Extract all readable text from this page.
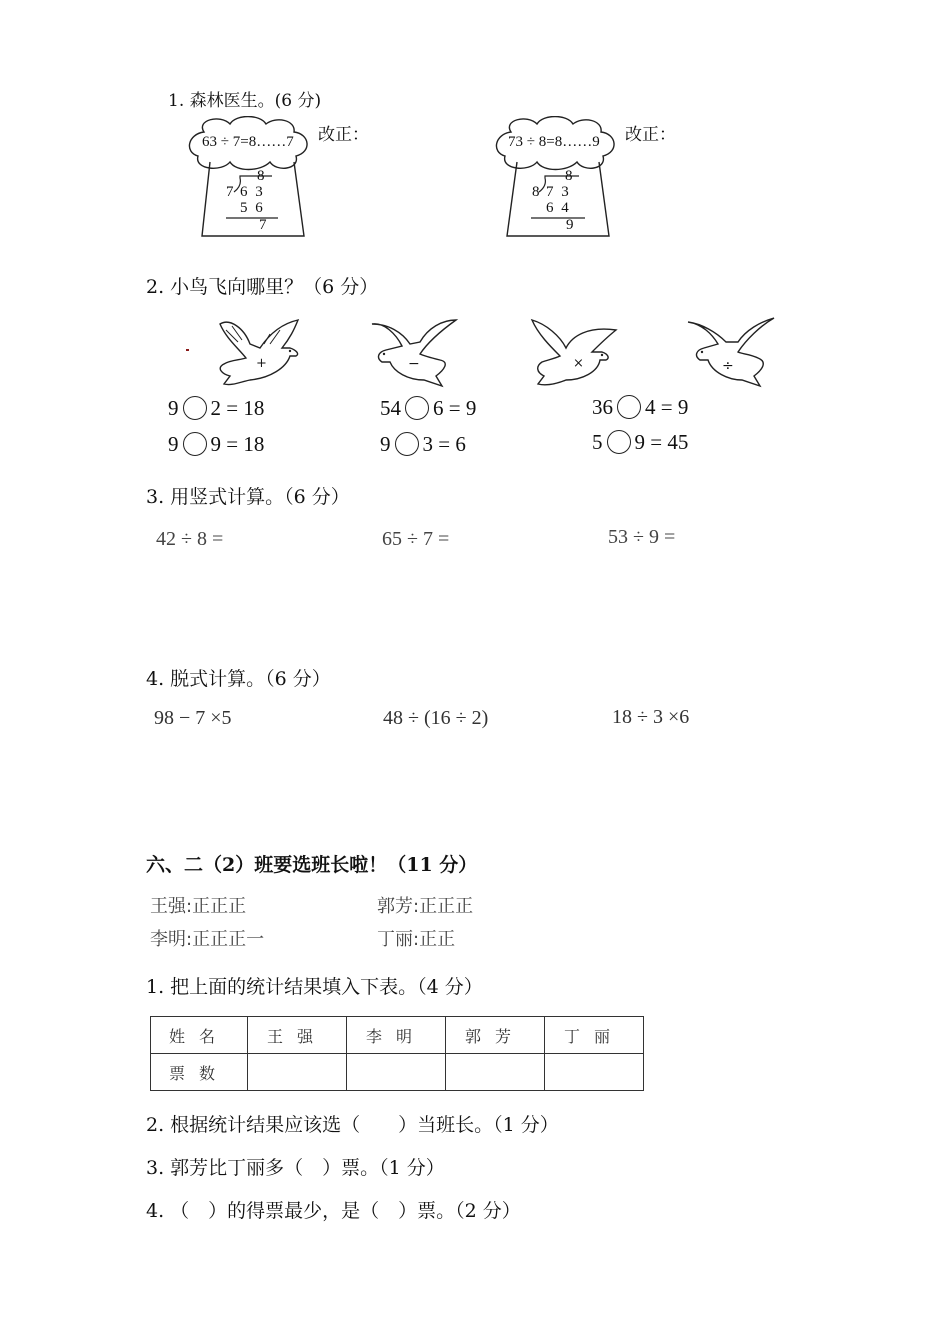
1. 森林医生。(6 分)
63 ÷ 7=8……7
8
7 6 3
5 6
7
改正：	73 ÷ 8=8……9
8
8 7 3
6 4
9
改正：
2. 小鸟飞向哪里？（6 分）
+	−	×	÷
9 2 = 18	54 6 = 9	36 4 = 9
9 9 = 18	9 3 = 6	5 9 = 45
3. 用竖式计算。（6 分）
42 ÷ 8 =	65 ÷ 7 =	53 ÷ 9 =
4. 脱式计算。（6 分）
98 − 7 ×5	48 ÷ (16 ÷ 2)	18 ÷ 3 ×6
六、二（2）班要选班长啦！（11 分）
王强:正正正	郭芳:正正正
李明:正正正一	丁丽:正正
1. 把上面的统计结果填入下表。（4 分）
姓名	王强	李明	郭芳	丁丽
票数				
2. 根据统计结果应该选（　　）当班长。（1 分）
3. 郭芳比丁丽多（　）票。（1 分）
4. （　）的得票最少，是（　）票。（2 分）
